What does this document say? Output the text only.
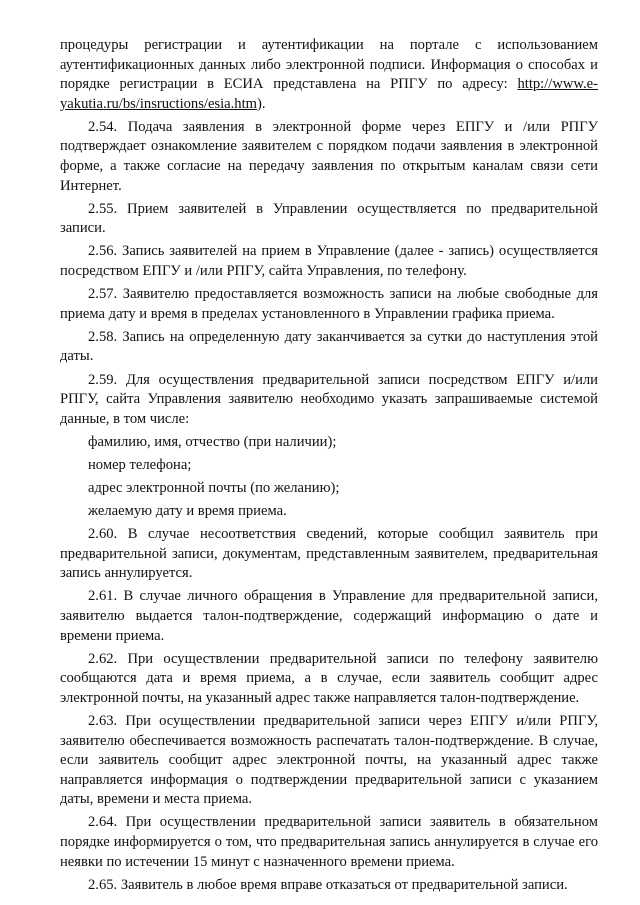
процедуры регистрации и аутентификации на портале с использованием аутентификационных данных либо электронной подписи. Информация о способах и порядке регистрации в ЕСИА представлена на РПГУ по адресу: http://www.e-yakutia.ru/bs/insructions/esia.htm).

2.54. Подача заявления в электронной форме через ЕПГУ и /или РПГУ подтверждает ознакомление заявителем с порядком подачи заявления в электронной форме, а также согласие на передачу заявления по открытым каналам связи сети Интернет.

2.55. Прием заявителей в Управлении осуществляется по предварительной записи.

2.56. Запись заявителей на прием в Управление (далее - запись) осуществляется посредством ЕПГУ и /или РПГУ, сайта Управления, по телефону.

2.57. Заявителю предоставляется возможность записи на любые свободные для приема дату и время в пределах установленного в Управлении графика приема.

2.58. Запись на определенную дату заканчивается за сутки до наступления этой даты.

2.59. Для осуществления предварительной записи посредством ЕПГУ и/или РПГУ, сайта Управления заявителю необходимо указать запрашиваемые системой данные, в том числе:

фамилию, имя, отчество (при наличии);

номер телефона;

адрес электронной почты (по желанию);

желаемую дату и время приема.

2.60. В случае несоответствия сведений, которые сообщил заявитель при предварительной записи, документам, представленным заявителем, предварительная запись аннулируется.

2.61. В случае личного обращения в Управление для предварительной записи, заявителю выдается талон-подтверждение, содержащий информацию о дате и времени приема.

2.62. При осуществлении предварительной записи по телефону заявителю сообщаются дата и время приема, а в случае, если заявитель сообщит адрес электронной почты, на указанный адрес также направляется талон-подтверждение.

2.63. При осуществлении предварительной записи через ЕПГУ и/или РПГУ, заявителю обеспечивается возможность распечатать талон-подтверждение. В случае, если заявитель сообщит адрес электронной почты, на указанный адрес также направляется информация о подтверждении предварительной записи с указанием даты, времени и места приема.

2.64. При осуществлении предварительной записи заявитель в обязательном порядке информируется о том, что предварительная запись аннулируется в случае его неявки по истечении 15 минут с назначенного времени приема.

2.65. Заявитель в любое время вправе отказаться от предварительной записи.
